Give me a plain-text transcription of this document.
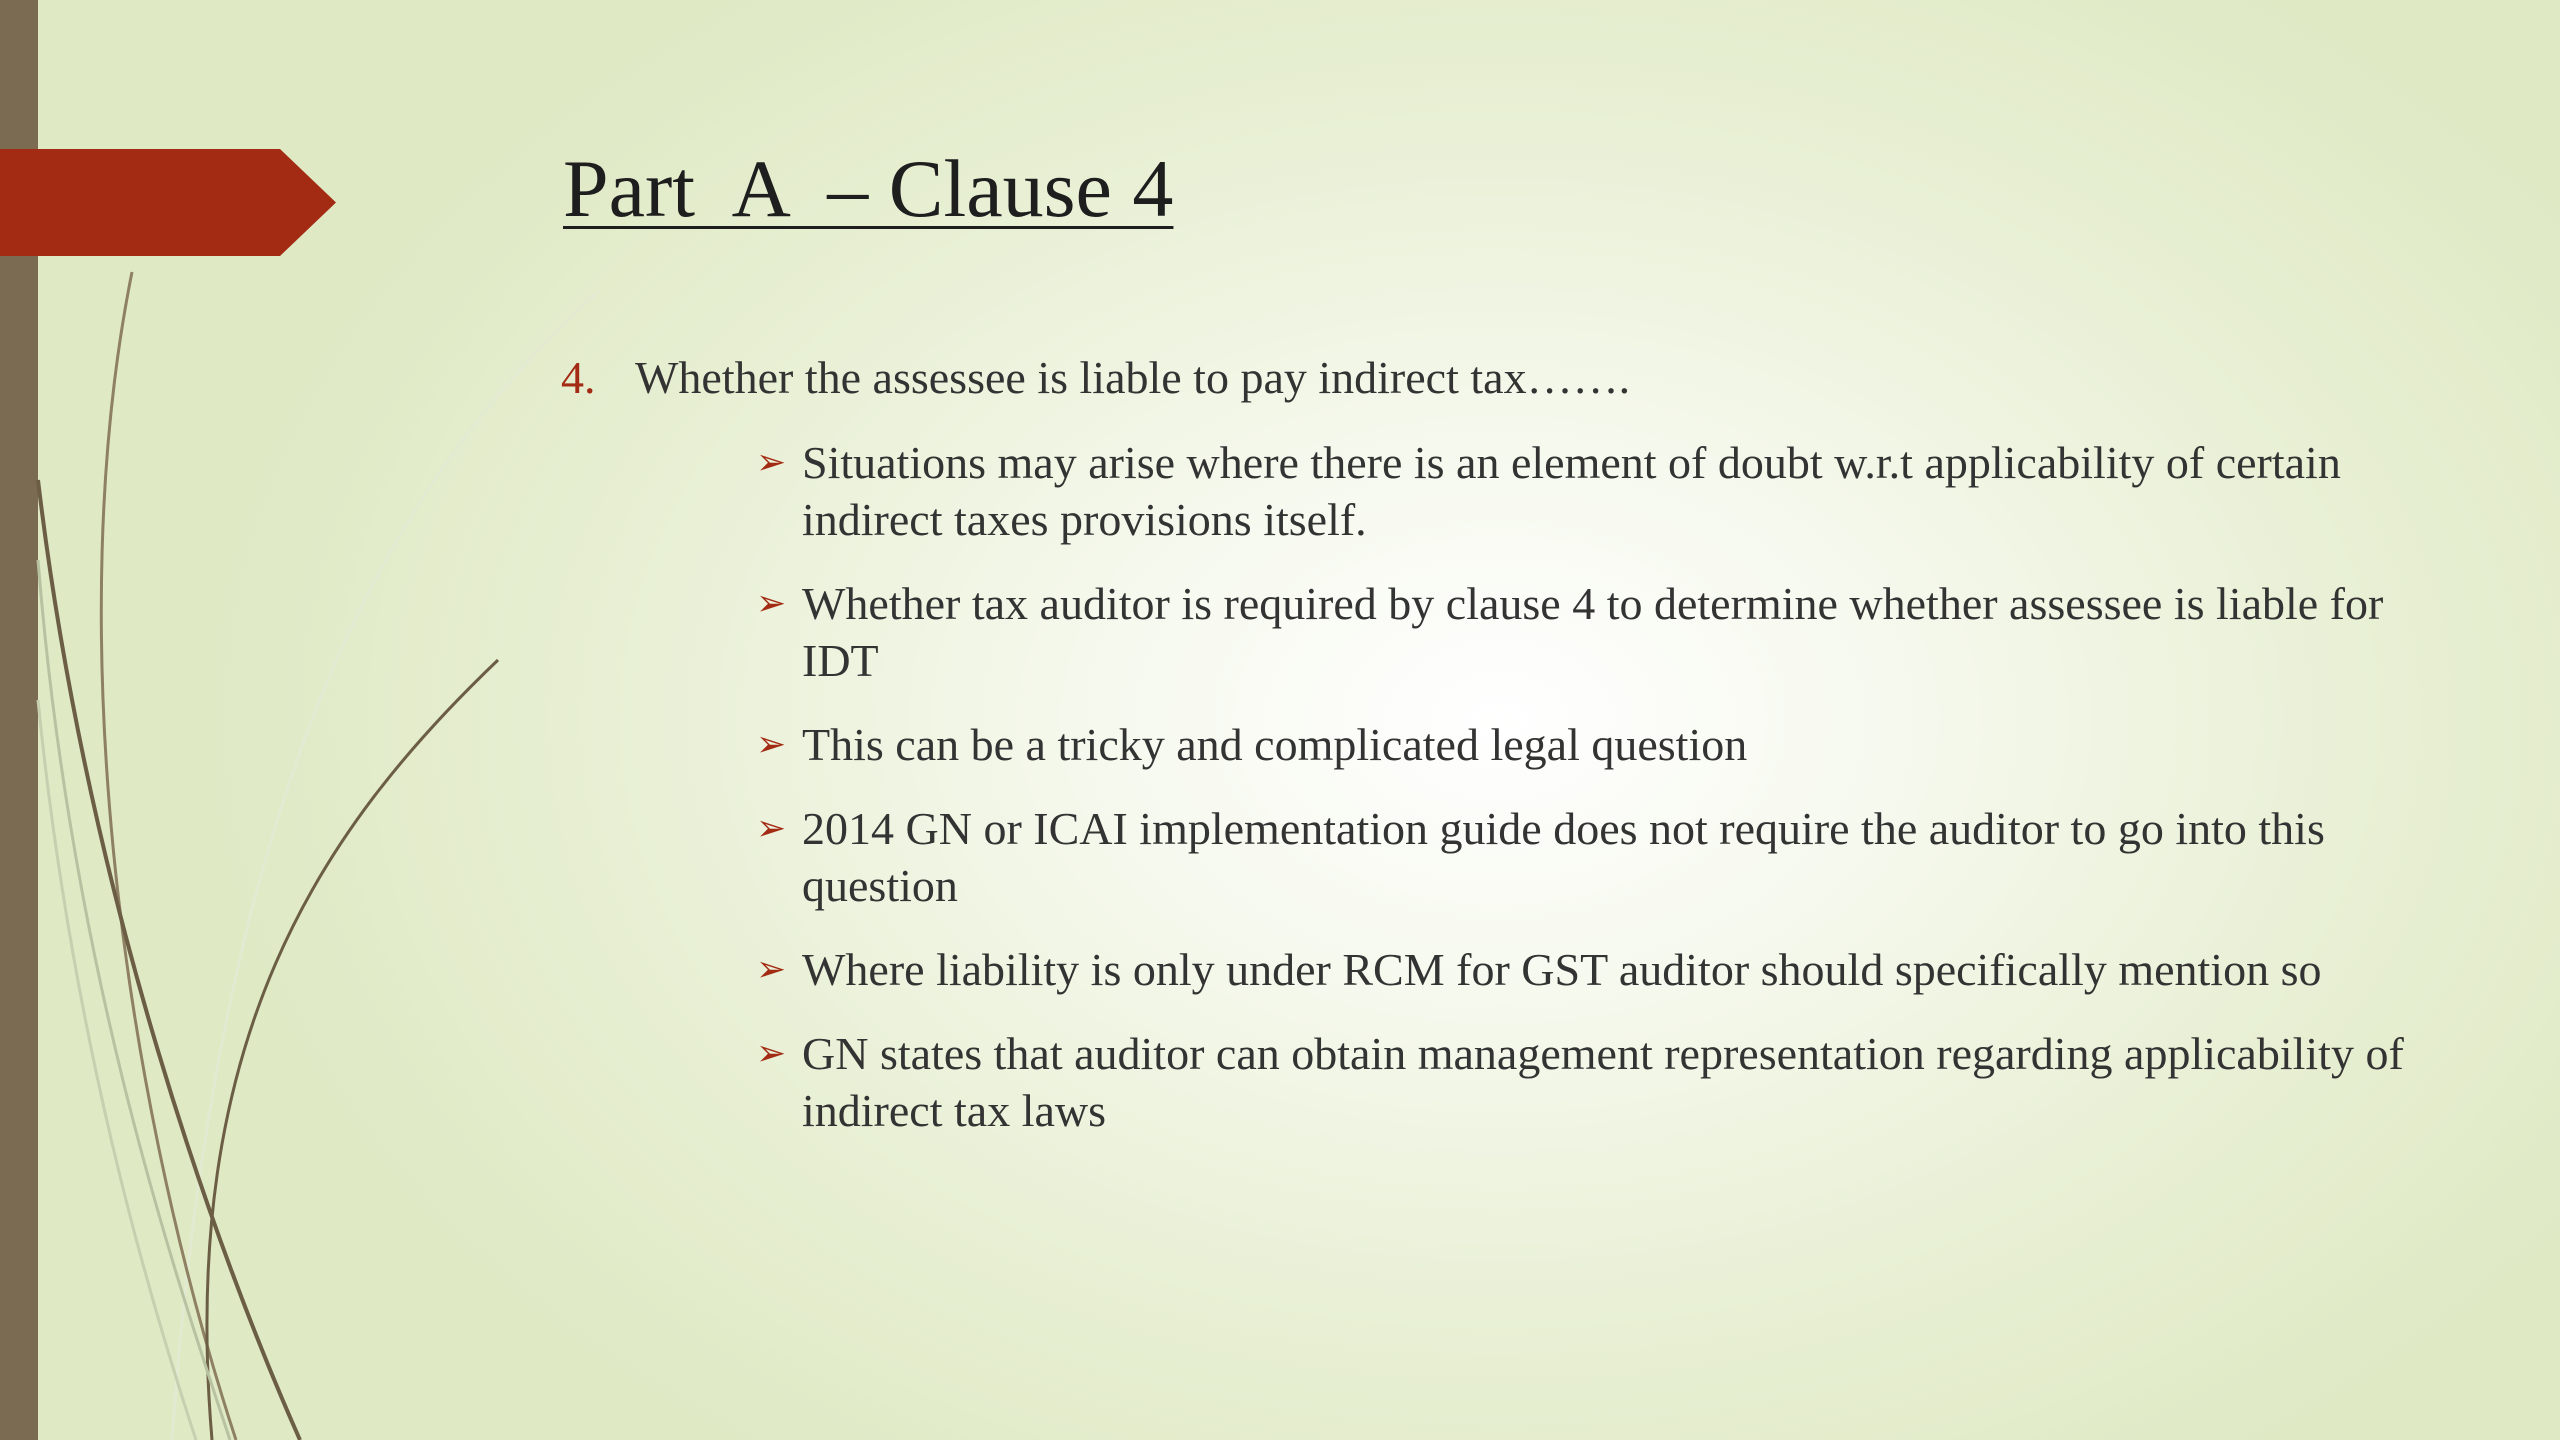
Part  A  – Clause 4
4. Whether the assessee is liable to pay indirect tax…….
➢ Situations may arise where there is an element of doubt w.r.t applicability of certain indirect taxes provisions itself.
➢ Whether tax auditor is required by clause 4 to determine whether assessee is liable for IDT
➢ This can be a tricky and complicated legal question
➢ 2014 GN or ICAI implementation guide does not require the auditor to go into this question
➢ Where liability is only under RCM for GST auditor should specifically mention so
➢ GN states that auditor can obtain management representation regarding applicability of indirect tax laws
